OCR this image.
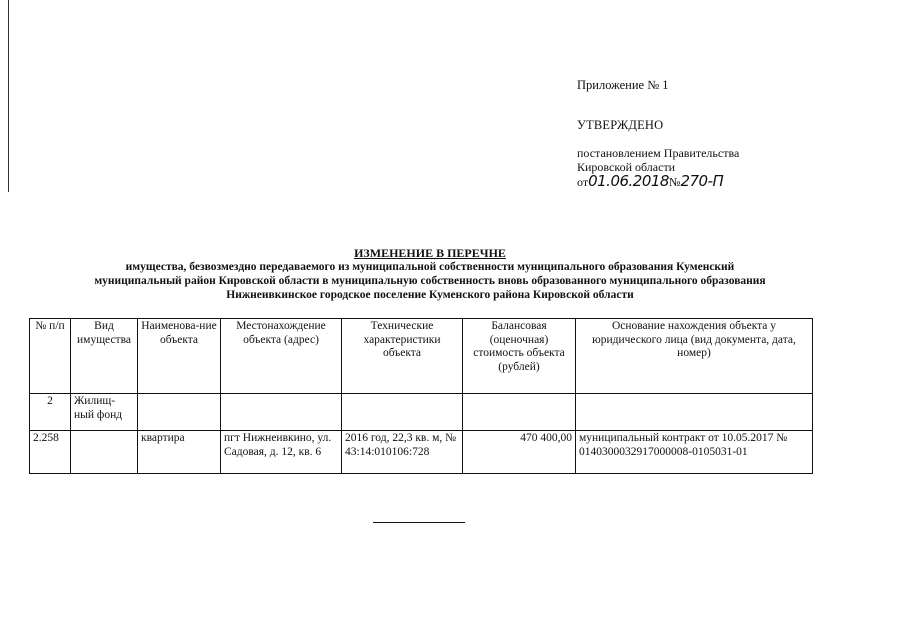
Приложение № 1
УТВЕРЖДЕНО
постановлением Правительства
Кировской области
от01.06.2018№270-П
ИЗМЕНЕНИЕ В ПЕРЕЧНЕ
имущества, безвозмездно передаваемого из муниципальной собственности муниципального образования Куменский
муниципальный район Кировской области в муниципальную собственность вновь образованного муниципального образования
Нижнеивкинское городское поселение Куменского района Кировской области
№ п/п	Вид имущества	Наименова-ние объекта	Местонахождение объекта (адрес)	Технические характеристики объекта	Балансовая (оценочная) стоимость объекта (рублей)	Основание нахождения объекта у юридического лица (вид документа, дата, номер)
2	Жилищ-ный фонд					
2.258		квартира	пгт Нижнеивкино, ул. Садовая, д. 12, кв. 6	2016 год, 22,3 кв. м, № 43:14:010106:728	470 400,00	муниципальный контракт от 10.05.2017 № 0140300032917000008-0105031-01
